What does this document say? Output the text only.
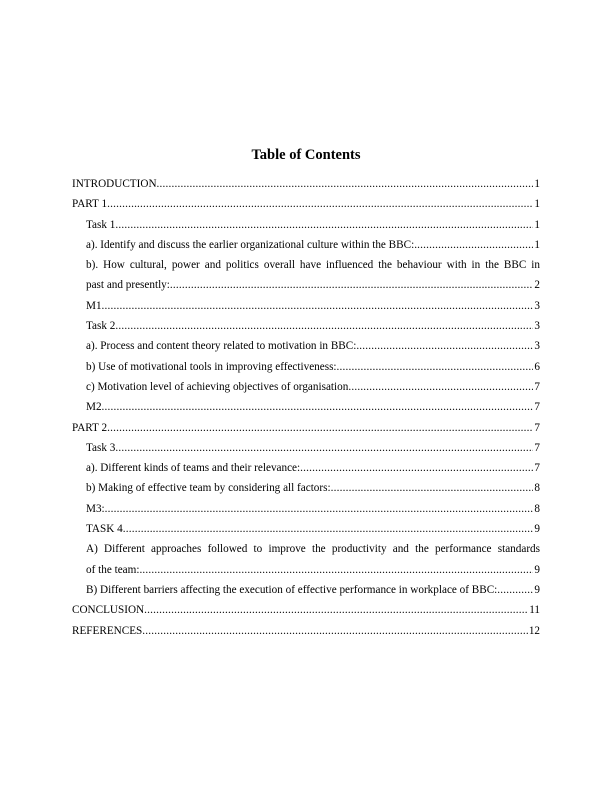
Table of Contents
INTRODUCTION .....	1
PART 1 .....	1
Task 1 .....	1
a). Identify and discuss the earlier organizational culture within the BBC: .....	1
b). How cultural, power and politics overall have influenced the behaviour with in the BBC in
past and presently: .....	2
M1 .....	3
Task 2 .....	3
a). Process and content theory related to motivation in BBC: .....	3
b) Use of motivational tools in improving effectiveness: .....	6
c) Motivation level of achieving objectives of organisation .....	7
M2 .....	7
PART 2 .....	7
Task 3 .....	7
a). Different kinds of teams and their relevance: .....	7
b) Making of effective team by considering all factors: .....	8
M3: .....	8
TASK 4 .....	9
A) Different approaches followed to improve the productivity and the performance standards
of the team: .....	9
B) Different barriers affecting the execution of effective performance in workplace of BBC: .....	9
CONCLUSION .....	11
REFERENCES .....	12
